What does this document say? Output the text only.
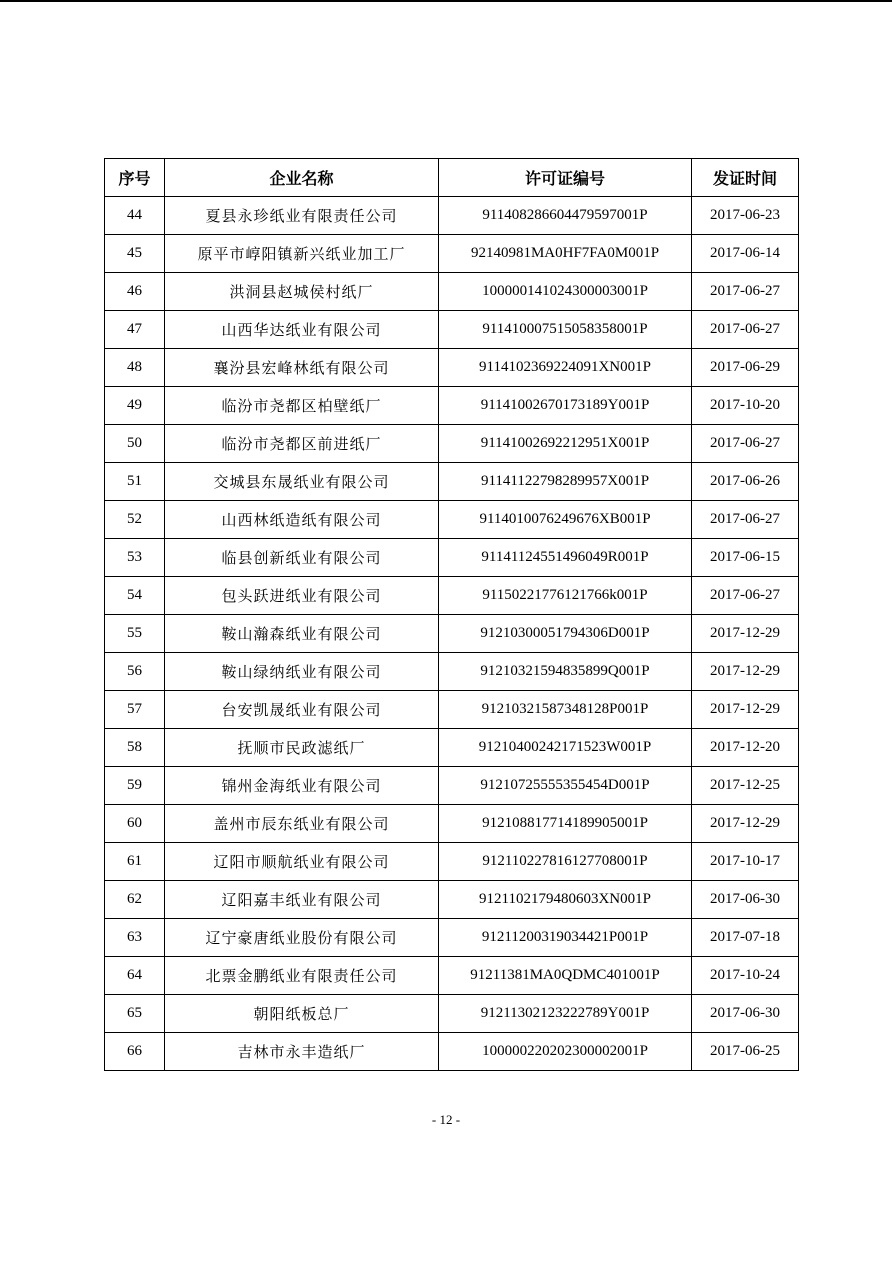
序号	企业名称	许可证编号	发证时间
44	夏县永珍纸业有限责任公司	91140828660447959​7001P	2017-06-23
45	原平市崞阳镇新兴纸业加工厂	92140981MA0HF7FA0M001P	2017-06-14
46	洪洞县赵城侯村纸厂	100000141024300003001P	2017-06-27
47	山西华达纸业有限公司	911410007515058358001P	2017-06-27
48	襄汾县宏峰林纸有限公司	9114102369224091XN001P	2017-06-29
49	临汾市尧都区柏壁纸厂	91141002670173189Y001P	2017-10-20
50	临汾市尧都区前进纸厂	91141002692212951X001P	2017-06-27
51	交城县东晟纸业有限公司	91141122798289957X001P	2017-06-26
52	山西林纸造纸有限公司	9114010076249676XB001P	2017-06-27
53	临县创新纸业有限公司	91141124551496049R001P	2017-06-15
54	包头跃进纸业有限公司	91150221776121766k001P	2017-06-27
55	鞍山瀚森纸业有限公司	91210300051794306D001P	2017-12-29
56	鞍山绿纳纸业有限公司	91210321594835899Q001P	2017-12-29
57	台安凯晟纸业有限公司	91210321587348128P001P	2017-12-29
58	抚顺市民政滤纸厂	91210400242171523W001P	2017-12-20
59	锦州金海纸业有限公司	91210725555355454D001P	2017-12-25
60	盖州市辰东纸业有限公司	912108817714189905001P	2017-12-29
61	辽阳市顺航纸业有限公司	912110227816127708001P	2017-10-17
62	辽阳嘉丰纸业有限公司	9121102179480603XN001P	2017-06-30
63	辽宁豪唐纸业股份有限公司	91211200319034421P001P	2017-07-18
64	北票金鹏纸业有限责任公司	91211381MA0QDMC401001P	2017-10-24
65	朝阳纸板总厂	91211302123222789Y001P	2017-06-30
66	吉林市永丰造纸厂	100000220202300002001P	2017-06-25
- 12 -
